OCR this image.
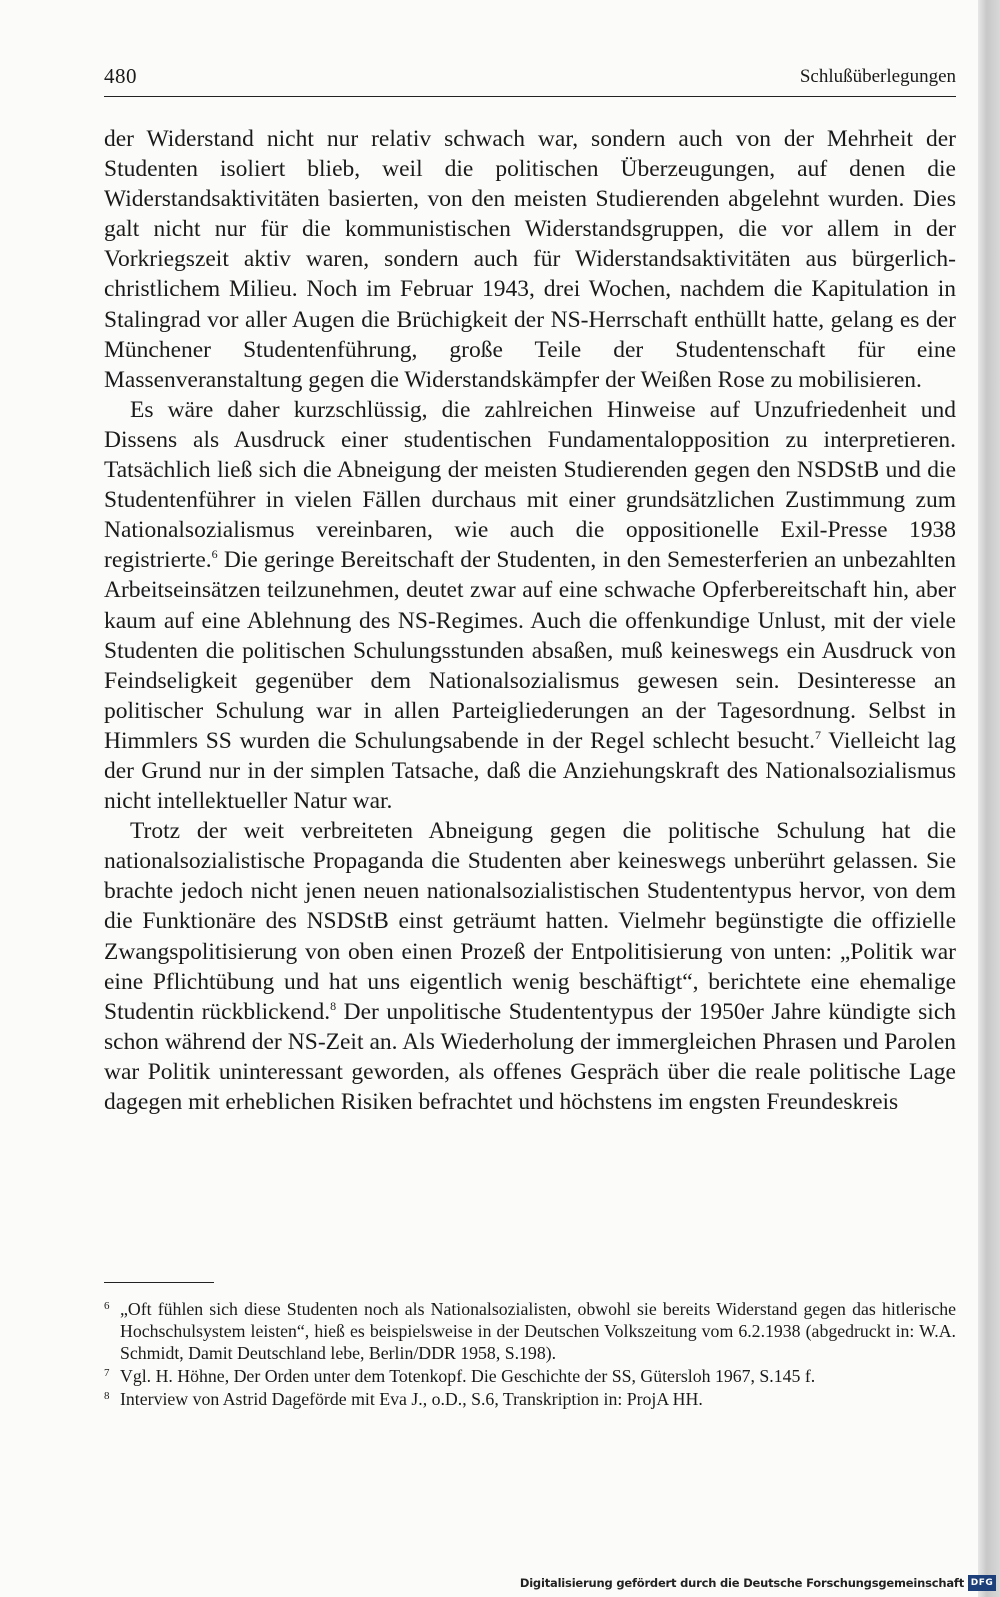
480	Schlußüberlegungen

der Widerstand nicht nur relativ schwach war, sondern auch von der Mehrheit der Studenten isoliert blieb, weil die politischen Überzeugungen, auf denen die Widerstandsaktivitäten basierten, von den meisten Studierenden abgelehnt wurden. Dies galt nicht nur für die kommunistischen Widerstandsgruppen, die vor allem in der Vorkriegszeit aktiv waren, sondern auch für Widerstandsaktivitäten aus bürgerlich-christlichem Milieu. Noch im Februar 1943, drei Wochen, nachdem die Kapitulation in Stalingrad vor aller Augen die Brüchigkeit der NS-Herrschaft enthüllt hatte, gelang es der Münchener Studentenführung, große Teile der Studentenschaft für eine Massenveranstaltung gegen die Widerstandskämpfer der Weißen Rose zu mobilisieren.

Es wäre daher kurzschlüssig, die zahlreichen Hinweise auf Unzufriedenheit und Dissens als Ausdruck einer studentischen Fundamentalopposition zu interpretieren. Tatsächlich ließ sich die Abneigung der meisten Studierenden gegen den NSDStB und die Studentenführer in vielen Fällen durchaus mit einer grundsätzlichen Zustimmung zum Nationalsozialismus vereinbaren, wie auch die oppositionelle Exil-Presse 1938 registrierte.$^6$ Die geringe Bereitschaft der Studenten, in den Semesterferien an unbezahlten Arbeitseinsätzen teilzunehmen, deutet zwar auf eine schwache Opferbereitschaft hin, aber kaum auf eine Ablehnung des NS-Regimes. Auch die offenkundige Unlust, mit der viele Studenten die politischen Schulungsstunden absaßen, muß keineswegs ein Ausdruck von Feindseligkeit gegenüber dem Nationalsozialismus gewesen sein. Desinteresse an politischer Schulung war in allen Parteigliederungen an der Tagesordnung. Selbst in Himmlers SS wurden die Schulungsabende in der Regel schlecht besucht.$^7$ Vielleicht lag der Grund nur in der simplen Tatsache, daß die Anziehungskraft des Nationalsozialismus nicht intellektueller Natur war.

Trotz der weit verbreiteten Abneigung gegen die politische Schulung hat die nationalsozialistische Propaganda die Studenten aber keineswegs unberührt gelassen. Sie brachte jedoch nicht jenen neuen nationalsozialistischen Studententypus hervor, von dem die Funktionäre des NSDStB einst geträumt hatten. Vielmehr begünstigte die offizielle Zwangspolitisierung von oben einen Prozeß der Entpolitisierung von unten: „Politik war eine Pflichtübung und hat uns eigentlich wenig beschäftigt“, berichtete eine ehemalige Studentin rückblickend.$^8$ Der unpolitische Studententypus der 1950er Jahre kündigte sich schon während der NS-Zeit an. Als Wiederholung der immergleichen Phrasen und Parolen war Politik uninteressant geworden, als offenes Gespräch über die reale politische Lage dagegen mit erheblichen Risiken befrachtet und höchstens im engsten Freundeskreis

6 „Oft fühlen sich diese Studenten noch als Nationalsozialisten, obwohl sie bereits Widerstand gegen das hitlerische Hochschulsystem leisten“, hieß es beispielsweise in der Deutschen Volkszeitung vom 6.2.1938 (abgedruckt in: W.A. Schmidt, Damit Deutschland lebe, Berlin/DDR 1958, S.198).
7 Vgl. H. Höhne, Der Orden unter dem Totenkopf. Die Geschichte der SS, Gütersloh 1967, S.145 f.
8 Interview von Astrid Dageförde mit Eva J., o.D., S.6, Transkription in: ProjA HH.
Digitalisierung gefördert durch die Deutsche Forschungsgemeinschaft DFG
